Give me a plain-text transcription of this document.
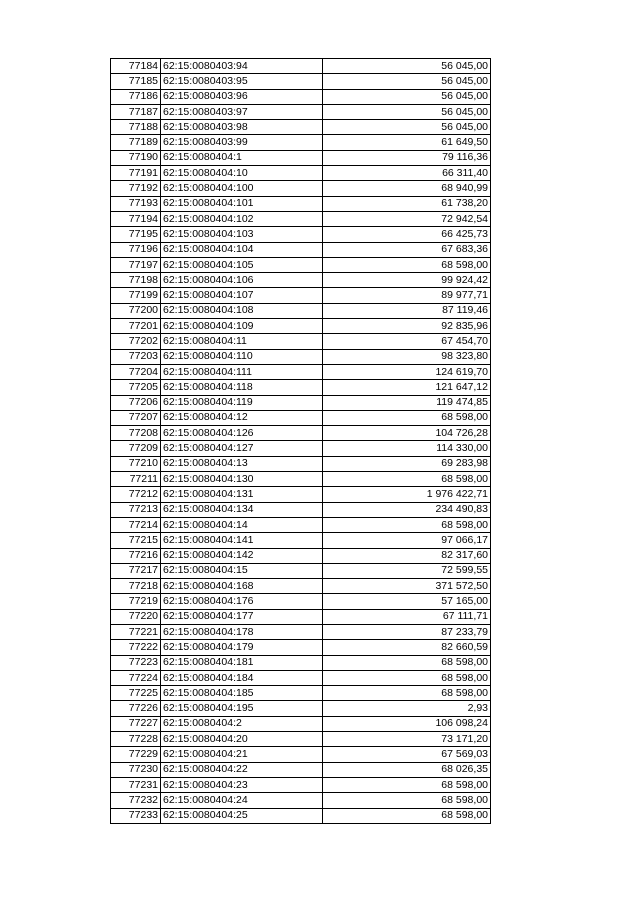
77184	62:15:0080403:94	56 045,00
77185	62:15:0080403:95	56 045,00
77186	62:15:0080403:96	56 045,00
77187	62:15:0080403:97	56 045,00
77188	62:15:0080403:98	56 045,00
77189	62:15:0080403:99	61 649,50
77190	62:15:0080404:1	79 116,36
77191	62:15:0080404:10	66 311,40
77192	62:15:0080404:100	68 940,99
77193	62:15:0080404:101	61 738,20
77194	62:15:0080404:102	72 942,54
77195	62:15:0080404:103	66 425,73
77196	62:15:0080404:104	67 683,36
77197	62:15:0080404:105	68 598,00
77198	62:15:0080404:106	99 924,42
77199	62:15:0080404:107	89 977,71
77200	62:15:0080404:108	87 119,46
77201	62:15:0080404:109	92 835,96
77202	62:15:0080404:11	67 454,70
77203	62:15:0080404:110	98 323,80
77204	62:15:0080404:111	124 619,70
77205	62:15:0080404:118	121 647,12
77206	62:15:0080404:119	119 474,85
77207	62:15:0080404:12	68 598,00
77208	62:15:0080404:126	104 726,28
77209	62:15:0080404:127	114 330,00
77210	62:15:0080404:13	69 283,98
77211	62:15:0080404:130	68 598,00
77212	62:15:0080404:131	1 976 422,71
77213	62:15:0080404:134	234 490,83
77214	62:15:0080404:14	68 598,00
77215	62:15:0080404:141	97 066,17
77216	62:15:0080404:142	82 317,60
77217	62:15:0080404:15	72 599,55
77218	62:15:0080404:168	371 572,50
77219	62:15:0080404:176	57 165,00
77220	62:15:0080404:177	67 111,71
77221	62:15:0080404:178	87 233,79
77222	62:15:0080404:179	82 660,59
77223	62:15:0080404:181	68 598,00
77224	62:15:0080404:184	68 598,00
77225	62:15:0080404:185	68 598,00
77226	62:15:0080404:195	2,93
77227	62:15:0080404:2	106 098,24
77228	62:15:0080404:20	73 171,20
77229	62:15:0080404:21	67 569,03
77230	62:15:0080404:22	68 026,35
77231	62:15:0080404:23	68 598,00
77232	62:15:0080404:24	68 598,00
77233	62:15:0080404:25	68 598,00
